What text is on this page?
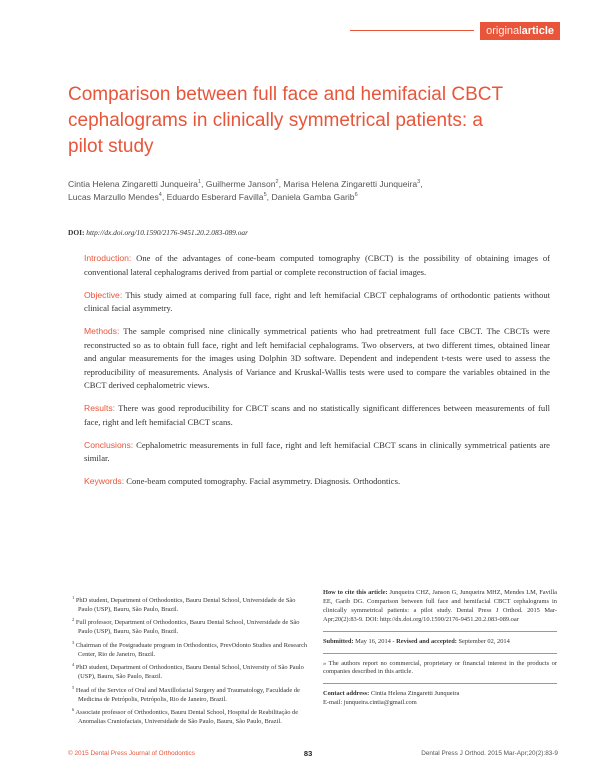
originalarticle
Comparison between full face and hemifacial CBCT cephalograms in clinically symmetrical patients: a pilot study
Cintia Helena Zingaretti Junqueira$^1$, Guilherme Janson$^2$, Marisa Helena Zingaretti Junqueira$^3$,
Lucas Marzullo Mendes$^4$, Eduardo Esberard Favilla$^5$, Daniela Gamba Garib$^6$
DOI: http://dx.doi.org/10.1590/2176-9451.20.2.083-089.oar

Introduction: One of the advantages of cone-beam computed tomography (CBCT) is the possibility of obtaining images of conventional lateral cephalograms derived from partial or complete reconstruction of facial images.

Objective: This study aimed at comparing full face, right and left hemifacial CBCT cephalograms of orthodontic patients without clinical facial asymmetry.

Methods: The sample comprised nine clinically symmetrical patients who had pretreatment full face CBCT. The CBCTs were reconstructed so as to obtain full face, right and left hemifacial cephalograms. Two observers, at two different times, obtained linear and angular measurements for the images using Dolphin 3D software. Dependent and independent t-tests were used to assess the reproducibility of measurements. Analysis of Variance and Kruskal-Wallis tests were used to compare the variables obtained in the CBCT derived cephalometric views.

Results: There was good reproducibility for CBCT scans and no statistically significant differences between measurements of full face, right and left hemifacial CBCT scans.

Conclusions: Cephalometric measurements in full face, right and left hemifacial CBCT scans in clinically symmetrical patients are similar.

Keywords: Cone-beam computed tomography. Facial asymmetry. Diagnosis. Orthodontics.

$^1$ PhD student, Department of Orthodontics, Bauru Dental School, Universidade de São Paulo (USP), Bauru, São Paulo, Brazil.

$^2$ Full professor, Department of Orthodontics, Bauru Dental School, Universidade de São Paulo (USP), Bauru, São Paulo, Brazil.

$^3$ Chairman of the Postgraduate program in Orthodontics, PrevOdonto Studies and Research Center, Rio de Janeiro, Brazil.

$^4$ PhD student, Department of Orthodontics, Bauru Dental School, University of São Paulo (USP), Bauru, São Paulo, Brazil.

$^5$ Head of the Service of Oral and Maxillofacial Surgery and Traumatology, Faculdade de Medicina de Petrópolis, Petrópolis, Rio de Janeiro, Brazil.

$^6$ Associate professor of Orthodontics, Bauru Dental School, Hospital de Reabilitação de Anomalias Craniofaciais, Universidade de São Paulo, Bauru, São Paulo, Brazil.

How to cite this article: Junqueira CHZ, Janson G, Junqueira MHZ, Mendes LM, Favilla EE, Garib DG. Comparison between full face and hemifacial CBCT cephalograms in clinically symmetrical patients: a pilot study. Dental Press J Orthod. 2015 Mar-Apr;20(2):83-9. DOI: http://dx.doi.org/10.1590/2176-9451.20.2.083-089.oar

Submitted: May 16, 2014 - Revised and accepted: September 02, 2014

» The authors report no commercial, proprietary or financial interest in the products or companies described in this article.

Contact address: Cintia Helena Zingaretti Junqueira
E-mail: junqueira.cintia@gmail.com

© 2015 Dental Press Journal of Orthodontics	83	Dental Press J Orthod. 2015 Mar-Apr;20(2):83-9
